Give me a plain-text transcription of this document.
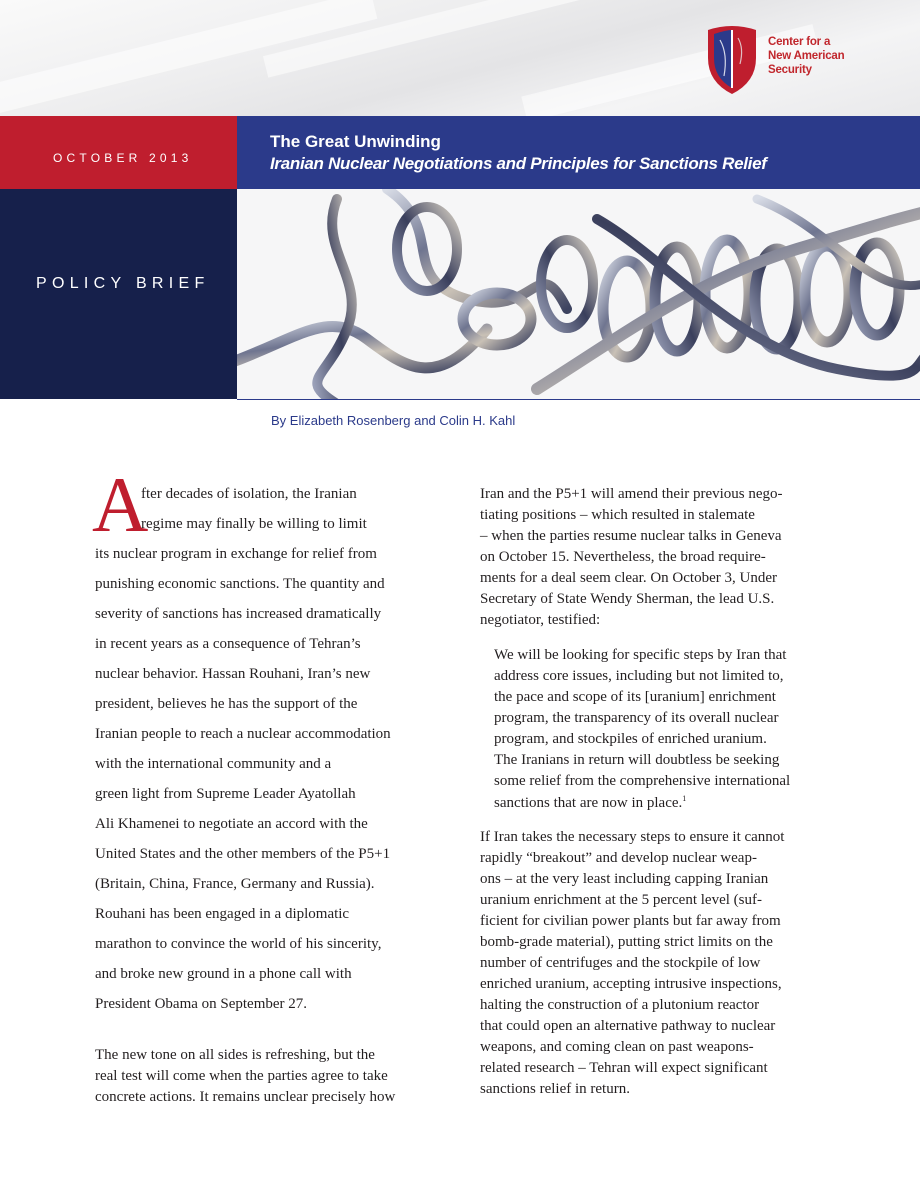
Center for a
New American
Security
OCTOBER 2013
The Great Unwinding
Iranian Nuclear Negotiations and Principles for Sanctions Relief
POLICY BRIEF
By Elizabeth Rosenberg and Colin H. Kahl
A
fter decades of isolation, the Iranian
regime may finally be willing to limit
its nuclear program in exchange for relief from
punishing economic sanctions. The quantity and
severity of sanctions has increased dramatically
in recent years as a consequence of Tehran’s
nuclear behavior. Hassan Rouhani, Iran’s new
president, believes he has the support of the
Iranian people to reach a nuclear accommodation
with the international community and a
green light from Supreme Leader Ayatollah
Ali Khamenei to negotiate an accord with the
United States and the other members of the P5+1
(Britain, China, France, Germany and Russia).
Rouhani has been engaged in a diplomatic
marathon to convince the world of his sincerity,
and broke new ground in a phone call with
President Obama on September 27.
The new tone on all sides is refreshing, but the
real test will come when the parties agree to take
concrete actions. It remains unclear precisely how
Iran and the P5+1 will amend their previous nego-
tiating positions – which resulted in stalemate
– when the parties resume nuclear talks in Geneva
on October 15. Nevertheless, the broad require-
ments for a deal seem clear. On October 3, Under
Secretary of State Wendy Sherman, the lead U.S.
negotiator, testified:
We will be looking for specific steps by Iran that
address core issues, including but not limited to,
the pace and scope of its [uranium] enrichment
program, the transparency of its overall nuclear
program, and stockpiles of enriched uranium.
The Iranians in return will doubtless be seeking
some relief from the comprehensive international
sanctions that are now in place.$^1$
If Iran takes the necessary steps to ensure it cannot
rapidly “breakout” and develop nuclear weap-
ons – at the very least including capping Iranian
uranium enrichment at the 5 percent level (suf-
ficient for civilian power plants but far away from
bomb-grade material), putting strict limits on the
number of centrifuges and the stockpile of low
enriched uranium, accepting intrusive inspections,
halting the construction of a plutonium reactor
that could open an alternative pathway to nuclear
weapons, and coming clean on past weapons-
related research – Tehran will expect significant
sanctions relief in return.
